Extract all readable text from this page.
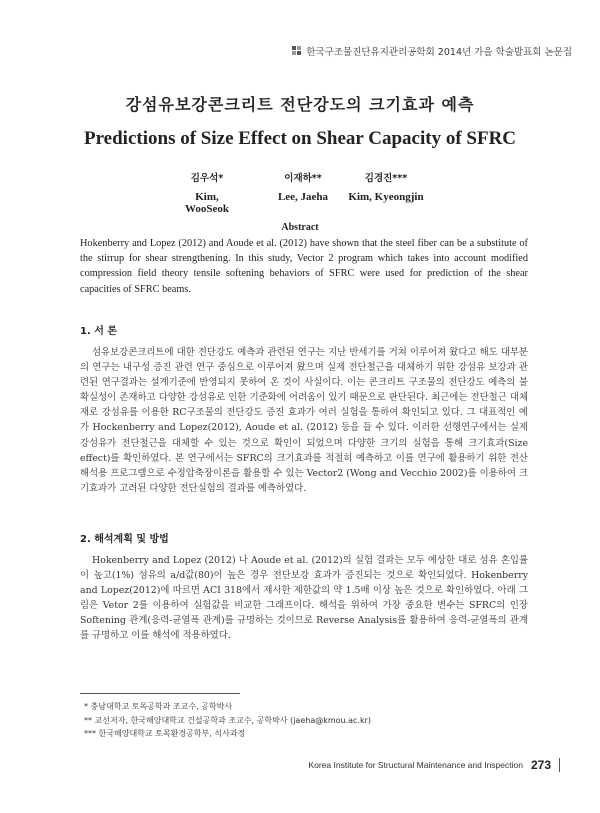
한국구조물진단유지관리공학회 2014년 가을 학술발표회 논문집
강섬유보강콘크리트 전단강도의 크기효과 예측
Predictions of Size Effect on Shear Capacity of SFRC
김우석*
Kim, WooSeok
이재하**
Lee, Jaeha
김경진***
Kim, Kyeongjin
Abstract
Hokenberry and Lopez (2012) and Aoude et al. (2012) have shown that the steel fiber can be a substitute of the stirrup for shear strengthening. In this study, Vector 2 program which takes into account modified compression field theory tensile softening behaviors of SFRC were used for prediction of the shear capacities of SFRC beams.
1. 서 론
섬유보강콘크리트에 대한 전단강도 예측과 관련된 연구는 지난 반세기를 거쳐 이루어져 왔다고 해도 대부분의 연구는 내구성 증진 관련 연구 중심으로 이루어져 왔으며 실제 전단철근을 대체하기 위한 강섬유 보강과 관련된 연구결과는 설계기준에 반영되지 못하여 온 것이 사실이다. 이는 콘크리트 구조물의 전단강도 예측의 불확실성이 존재하고 다양한 강섬유로 인한 기준화에 어려움이 있기 때문으로 판단된다. 최근에는 전단철근 대체재로 강섬유를 이용한 RC구조물의 전단강도 증진 효과가 여러 실험을 통하여 확인되고 있다. 그 대표적인 예가 Hockenberry and Lopez(2012), Aoude et al. (2012) 등을 들 수 있다. 이러한 선행연구에서는 실제 강섬유가 전단철근을 대체할 수 있는 것으로 확인이 되었으며 다양한 크기의 실험을 통해 크기효과(Size effect)를 확인하였다. 본 연구에서는 SFRC의 크기효과를 적절히 예측하고 이를 연구에 활용하기 위한 전산해석용 프로그램으로 수정압축장이론을 활용할 수 있는 Vector2 (Wong and Vecchio 2002)를 이용하여 크기효과가 고려된 다양한 전단실험의 결과를 예측하였다.
2. 해석계획 및 방법
Hokenberry and Lopez (2012) 나 Aoude et al. (2012)의 실험 결과는 모두 예상한 대로 섬유 혼입률이 높고(1%) 섬유의 a/d값(80)이 높은 경우 전단보강 효과가 증진되는 것으로 확인되었다. Hokenberry and Lopez(2012)에 따르면 ACI 318에서 제시한 제한값의 약 1.5배 이상 높은 것으로 확인하였다. 아래 그림은 Vetor 2를 이용하여 실험값을 비교한 그래프이다. 해석을 위하여 가장 중요한 변수는 SFRC의 인장 Softening 관계(응력-균열폭 관계)를 규명하는 것이므로 Reverse Analysis를 활용하여 응력-균열폭의 관계를 규명하고 이를 해석에 적용하였다.
* 충남대학교 토목공학과 조교수, 공학박사
** 교선저자, 한국해양대학교 건설공학과 조교수, 공학박사 (jaeha@kmou.ac.kr)
*** 한국해양대학교 토목환경공학부, 석사과정
Korea Institute for Structural Maintenance and Inspection 273
